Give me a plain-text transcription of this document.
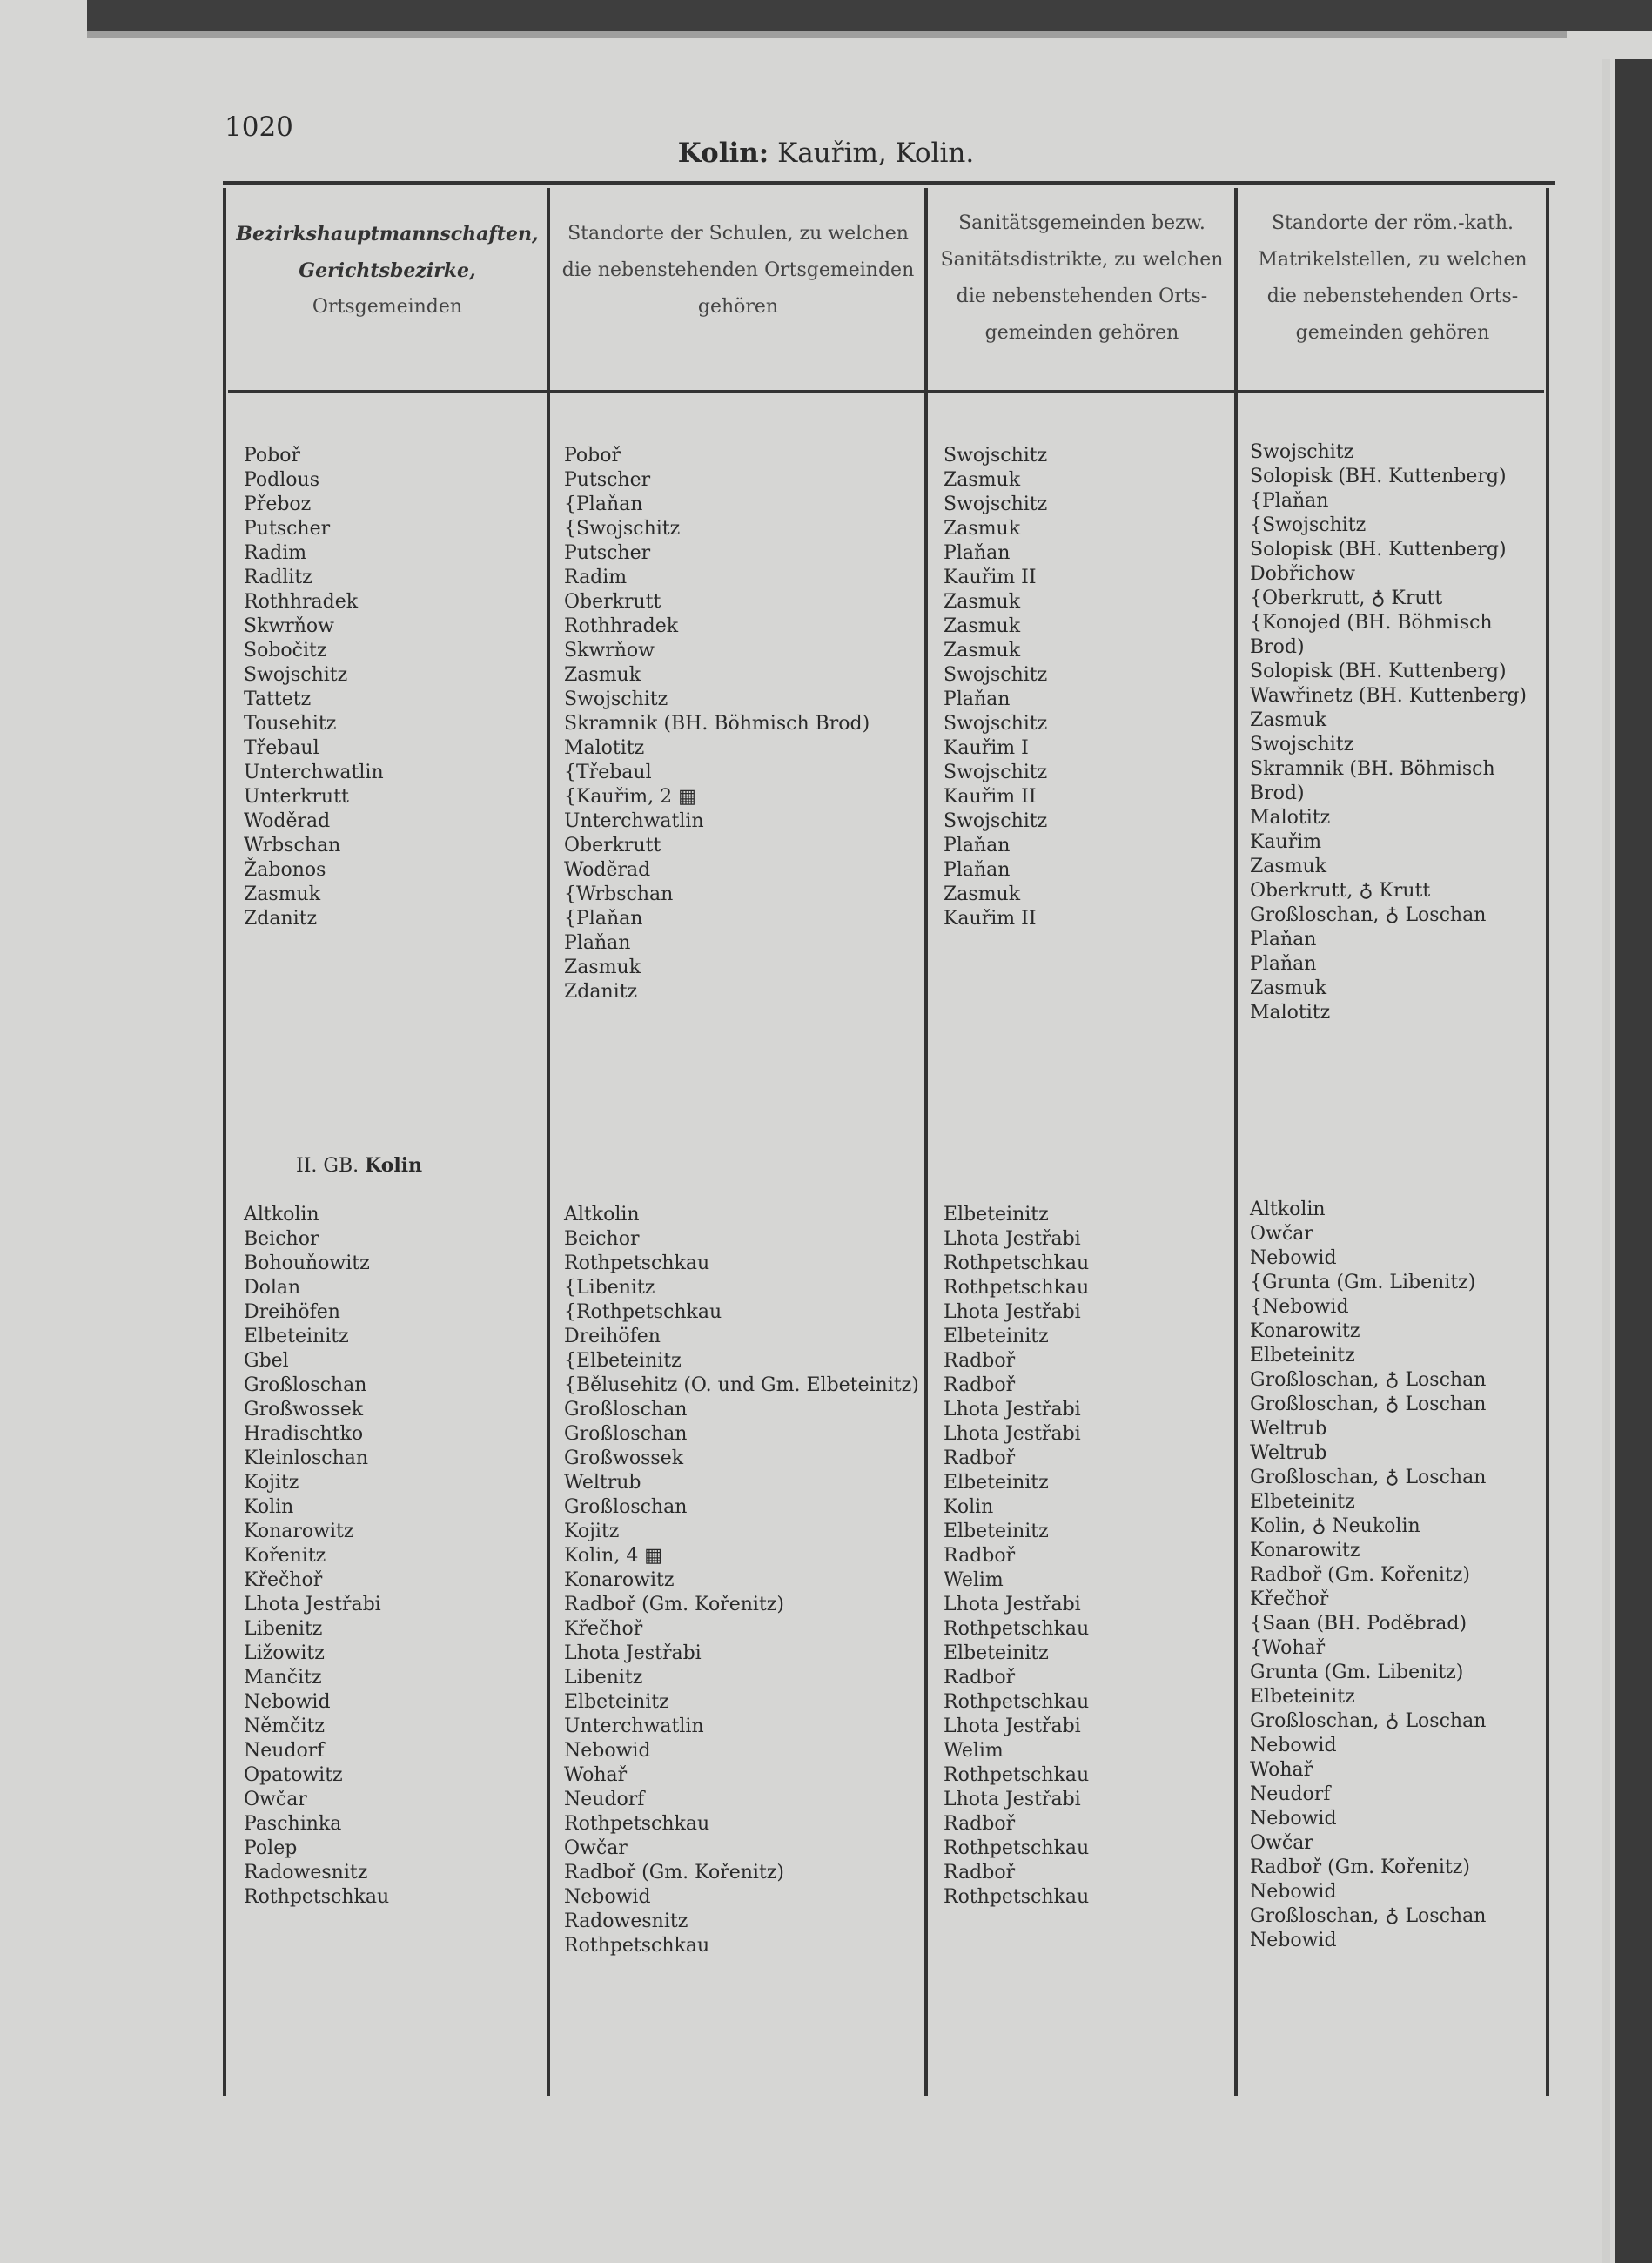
1020
Kolin: Kauřim, Kolin.
Bezirkshauptmannschaften,
Gerichtsbezirke,
Ortsgemeinden
Standorte der Schulen, zu welchen
die nebenstehenden Ortsgemeinden
gehören
Sanitätsgemeinden bezw.
Sanitätsdistrikte, zu welchen
die nebenstehenden Orts-
gemeinden gehören
Standorte der röm.-kath.
Matrikelstellen, zu welchen
die nebenstehenden Orts-
gemeinden gehören
Poboř
Podlous
Přeboz
Putscher
Radim
Radlitz
Rothhradek
Skwrňow
Sobočitz
Swojschitz
Tattetz
Tousehitz
Třebaul
Unterchwatlin
Unterkrutt
Woděrad
Wrbschan
Žabonos
Zasmuk
Zdanitz
Poboř
Putscher
{Plaňan
{Swojschitz
Putscher
Radim
Oberkrutt
Rothhradek
Skwrňow
Zasmuk
Swojschitz
Skramnik (BH. Böhmisch Brod)
Malotitz
{Třebaul
{Kauřim, 2 ▦
Unterchwatlin
Oberkrutt
Woděrad
{Wrbschan
{Plaňan
Plaňan
Zasmuk
Zdanitz
Swojschitz
Zasmuk
Swojschitz
Zasmuk
Plaňan
Kauřim II
Zasmuk
Zasmuk
Zasmuk
Swojschitz
Plaňan
Swojschitz
Kauřim I
Swojschitz
Kauřim II
Swojschitz
Plaňan
Plaňan
Zasmuk
Kauřim II
Swojschitz
Solopisk (BH. Kuttenberg)
{Plaňan
{Swojschitz
Solopisk (BH. Kuttenberg)
Dobřichow
{Oberkrutt, ♁ Krutt
{Konojed (BH. Böhmisch
Brod)
Solopisk (BH. Kuttenberg)
Wawřinetz (BH. Kuttenberg)
Zasmuk
Swojschitz
Skramnik (BH. Böhmisch
Brod)
Malotitz
Kauřim
Zasmuk
Oberkrutt, ♁ Krutt
Großloschan, ♁ Loschan
Plaňan
Plaňan
Zasmuk
Malotitz
II. GB. Kolin
Altkolin
Beichor
Bohouňowitz
Dolan
Dreihöfen
Elbeteinitz
Gbel
Großloschan
Großwossek
Hradischtko
Kleinloschan
Kojitz
Kolin
Konarowitz
Kořenitz
Křečhoř
Lhota Jestřabi
Libenitz
Ližowitz
Mančitz
Nebowid
Němčitz
Neudorf
Opatowitz
Owčar
Paschinka
Polep
Radowesnitz
Rothpetschkau
Altkolin
Beichor
Rothpetschkau
{Libenitz
{Rothpetschkau
Dreihöfen
{Elbeteinitz
{Bělusehitz (O. und Gm. Elbeteinitz)
Großloschan
Großloschan
Großwossek
Weltrub
Großloschan
Kojitz
Kolin, 4 ▦
Konarowitz
Radboř (Gm. Kořenitz)
Křečhoř
Lhota Jestřabi
Libenitz
Elbeteinitz
Unterchwatlin
Nebowid
Wohař
Neudorf
Rothpetschkau
Owčar
Radboř (Gm. Kořenitz)
Nebowid
Radowesnitz
Rothpetschkau
Elbeteinitz
Lhota Jestřabi
Rothpetschkau
Rothpetschkau
Lhota Jestřabi
Elbeteinitz
Radboř
Radboř
Lhota Jestřabi
Lhota Jestřabi
Radboř
Elbeteinitz
Kolin
Elbeteinitz
Radboř
Welim
Lhota Jestřabi
Rothpetschkau
Elbeteinitz
Radboř
Rothpetschkau
Lhota Jestřabi
Welim
Rothpetschkau
Lhota Jestřabi
Radboř
Rothpetschkau
Radboř
Rothpetschkau
Altkolin
Owčar
Nebowid
{Grunta (Gm. Libenitz)
{Nebowid
Konarowitz
Elbeteinitz
Großloschan, ♁ Loschan
Großloschan, ♁ Loschan
Weltrub
Weltrub
Großloschan, ♁ Loschan
Elbeteinitz
Kolin, ♁ Neukolin
Konarowitz
Radboř (Gm. Kořenitz)
Křečhoř
{Saan (BH. Poděbrad)
{Wohař
Grunta (Gm. Libenitz)
Elbeteinitz
Großloschan, ♁ Loschan
Nebowid
Wohař
Neudorf
Nebowid
Owčar
Radboř (Gm. Kořenitz)
Nebowid
Großloschan, ♁ Loschan
Nebowid
